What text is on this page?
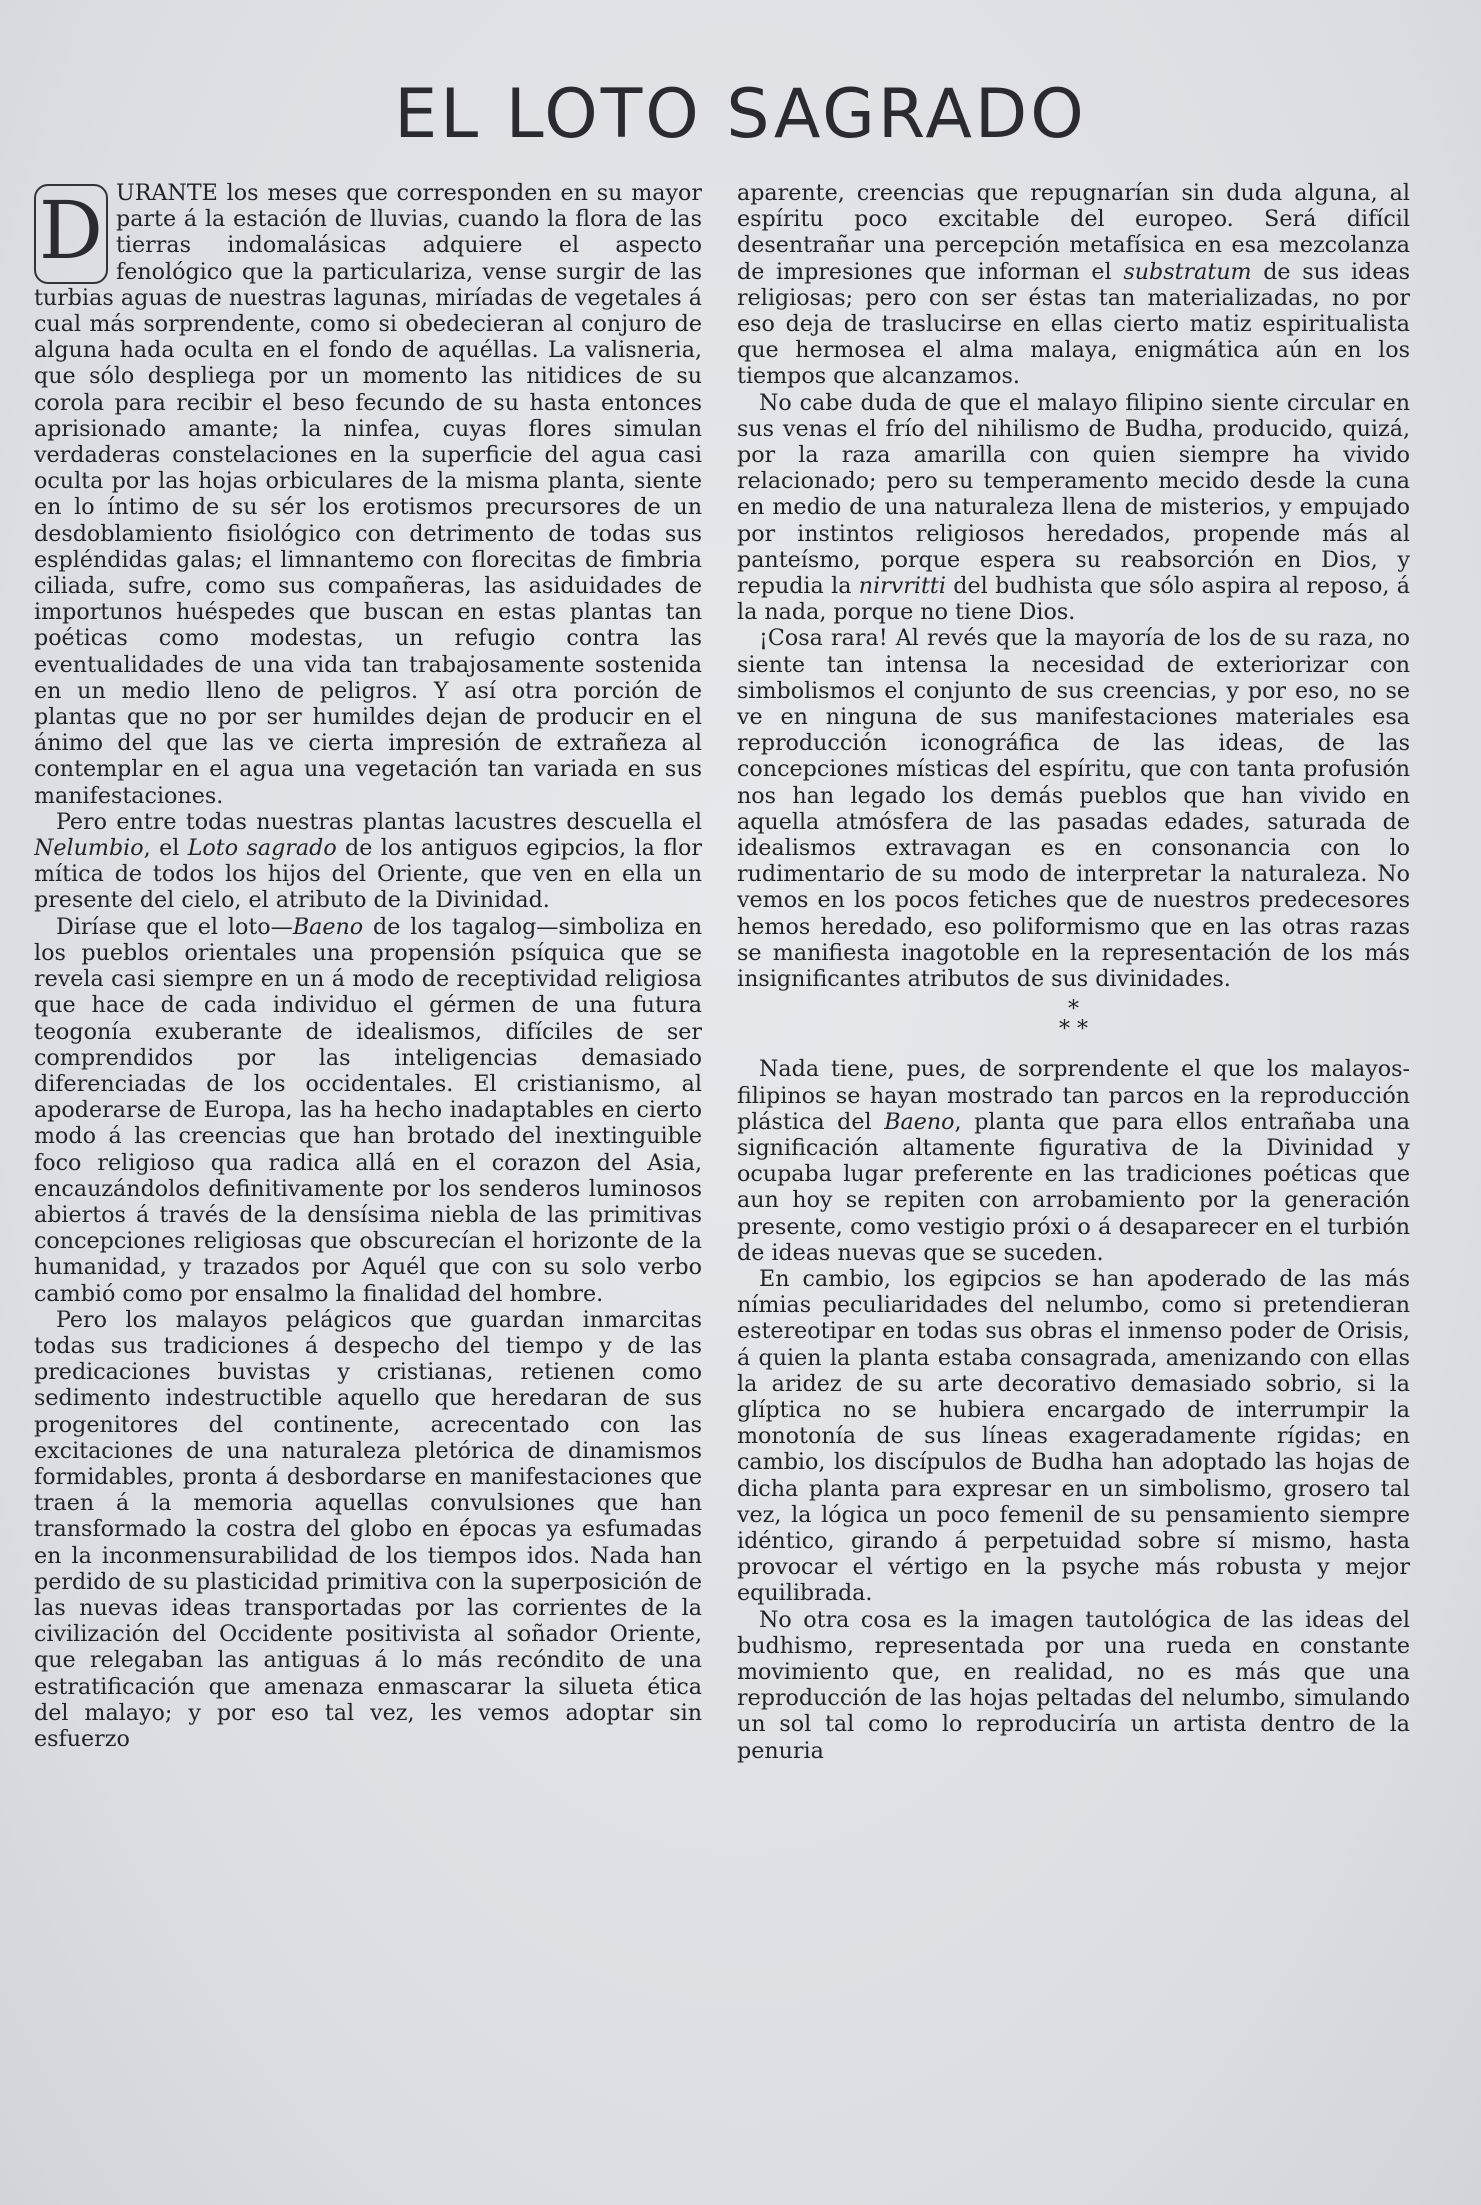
EL LOTO SAGRADO

D URANTE los meses que corresponden en su mayor parte á la estación de lluvias, cuando la flora de las tierras indomalásicas adquiere el aspecto fenológico que la particulariza, vense surgir de las turbias aguas de nuestras lagunas, miríadas de vegetales á cual más sorprendente, como si obedecieran al conjuro de alguna hada oculta en el fondo de aquéllas. La valisneria, que sólo despliega por un momento las nitidices de su corola para recibir el beso fecundo de su hasta entonces aprisionado amante; la ninfea, cuyas flores simulan verdaderas constelaciones en la superficie del agua casi oculta por las hojas orbiculares de la misma planta, siente en lo íntimo de su sér los erotismos precursores de un desdoblamiento fisiológico con detrimento de todas sus espléndidas galas; el limnantemo con florecitas de fimbria ciliada, sufre, como sus compañeras, las asiduidades de importunos huéspedes que buscan en estas plantas tan poéticas como modestas, un refugio contra las eventualidades de una vida tan trabajosamente sostenida en un medio lleno de peligros. Y así otra porción de plantas que no por ser humildes dejan de producir en el ánimo del que las ve cierta impresión de extrañeza al contemplar en el agua una vegetación tan variada en sus manifestaciones.

Pero entre todas nuestras plantas lacustres descuella el Nelumbio, el Loto sagrado de los antiguos egipcios, la flor mítica de todos los hijos del Oriente, que ven en ella un presente del cielo, el atributo de la Divinidad.

Diríase que el loto—Baeno de los tagalog—simboliza en los pueblos orientales una propensión psíquica que se revela casi siempre en un á modo de receptividad religiosa que hace de cada individuo el gérmen de una futura teogonía exuberante de idealismos, difíciles de ser comprendidos por las inteligencias demasiado diferenciadas de los occidentales. El cristianismo, al apoderarse de Europa, las ha hecho inadaptables en cierto modo á las creencias que han brotado del inextinguible foco religioso qua radica allá en el corazon del Asia, encauzándolos definitivamente por los senderos luminosos abiertos á través de la densísima niebla de las primitivas concepciones religiosas que obscurecían el horizonte de la humanidad, y trazados por Aquél que con su solo verbo cambió como por ensalmo la finalidad del hombre.

Pero los malayos pelágicos que guardan inmarcitas todas sus tradiciones á despecho del tiempo y de las predicaciones buvistas y cristianas, retienen como sedimento indestructible aquello que heredaran de sus progenitores del continente, acrecentado con las excitaciones de una naturaleza pletórica de dinamismos formidables, pronta á desbordarse en manifestaciones que traen á la memoria aquellas convulsiones que han transformado la costra del globo en épocas ya esfumadas en la inconmensurabilidad de los tiempos idos. Nada han perdido de su plasticidad primitiva con la superposición de las nuevas ideas transportadas por las corrientes de la civilización del Occidente positivista al soñador Oriente, que relegaban las antiguas á lo más recóndito de una estratificación que amenaza enmascarar la silueta ética del malayo; y por eso tal vez, les vemos adoptar sin esfuerzo

aparente, creencias que repugnarían sin duda alguna, al espíritu poco excitable del europeo. Será difícil desentrañar una percepción metafísica en esa mezcolanza de impresiones que informan el substratum de sus ideas religiosas; pero con ser éstas tan materializadas, no por eso deja de traslucirse en ellas cierto matiz espiritualista que hermosea el alma malaya, enigmática aún en los tiempos que alcanzamos.

No cabe duda de que el malayo filipino siente circular en sus venas el frío del nihilismo de Budha, producido, quizá, por la raza amarilla con quien siempre ha vivido relacionado; pero su temperamento mecido desde la cuna en medio de una naturaleza llena de misterios, y empujado por instintos religiosos heredados, propende más al panteísmo, porque espera su reabsorción en Dios, y repudia la nirvritti del budhista que sólo aspira al reposo, á la nada, porque no tiene Dios.

¡Cosa rara! Al revés que la mayoría de los de su raza, no siente tan intensa la necesidad de exteriorizar con simbolismos el conjunto de sus creencias, y por eso, no se ve en ninguna de sus manifestaciones materiales esa reproducción iconográfica de las ideas, de las concepciones místicas del espíritu, que con tanta profusión nos han legado los demás pueblos que han vivido en aquella atmósfera de las pasadas edades, saturada de idealismos extravagan es en consonancia con lo rudimentario de su modo de interpretar la naturaleza. No vemos en los pocos fetiches que de nuestros predecesores hemos heredado, eso poliformismo que en las otras razas se manifiesta inagotoble en la representación de los más insignificantes atributos de sus divinidades.

*
* *

Nada tiene, pues, de sorprendente el que los malayos-filipinos se hayan mostrado tan parcos en la reproducción plástica del Baeno, planta que para ellos entrañaba una significación altamente figurativa de la Divinidad y ocupaba lugar preferente en las tradiciones poéticas que aun hoy se repiten con arrobamiento por la generación presente, como vestigio próxi o á desaparecer en el turbión de ideas nuevas que se suceden.

En cambio, los egipcios se han apoderado de las más nímias peculiaridades del nelumbo, como si pretendieran estereotipar en todas sus obras el inmenso poder de Orisis, á quien la planta estaba consagrada, amenizando con ellas la aridez de su arte decorativo demasiado sobrio, si la glíptica no se hubiera encargado de interrumpir la monotonía de sus líneas exageradamente rígidas; en cambio, los discípulos de Budha han adoptado las hojas de dicha planta para expresar en un simbolismo, grosero tal vez, la lógica un poco femenil de su pensamiento siempre idéntico, girando á perpetuidad sobre sí mismo, hasta provocar el vértigo en la psyche más robusta y mejor equilibrada.

No otra cosa es la imagen tautológica de las ideas del budhismo, representada por una rueda en constante movimiento que, en realidad, no es más que una reproducción de las hojas peltadas del nelumbo, simulando un sol tal como lo reproduciría un artista dentro de la penuria
